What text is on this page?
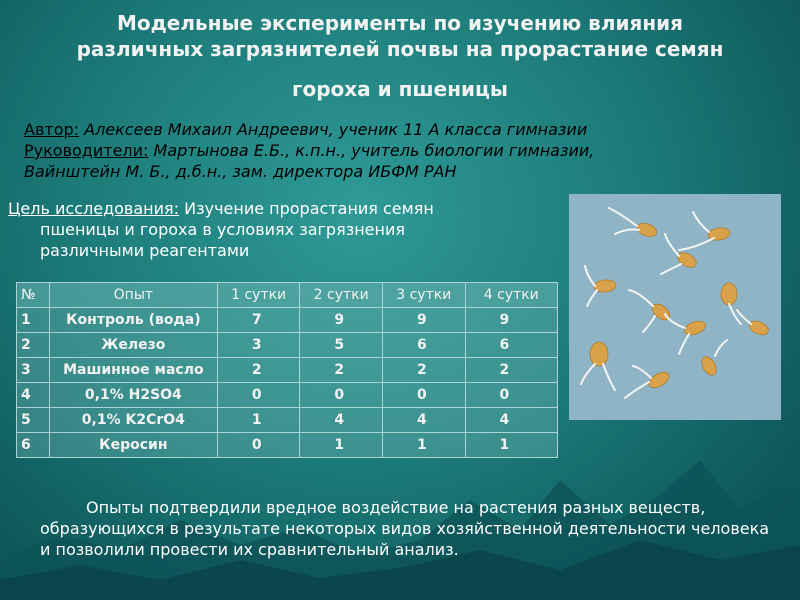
Модельные эксперименты по изучению влияния
различных загрязнителей почвы на прорастание семян
гороха и пшеницы
Автор: Алексеев Михаил Андреевич, ученик 11 А класса гимназии
Руководители: Мартынова Е.Б., к.п.н., учитель биологии гимназии,
Вайнштейн М. Б., д.б.н., зам. директора ИБФМ РАН
Цель исследования: Изучение прорастания семян
пшеницы и гороха в условиях загрязнения
различными реагентами
№	Опыт	1 сутки	2 сутки	3 сутки	4 сутки
1	Контроль (вода)	7	9	9	9
2	Железо	3	5	6	6
3	Машинное масло	2	2	2	2
4	0,1% H2SO4	0	0	0	0
5	0,1% K2CrO4	1	4	4	4
6	Керосин	0	1	1	1
Опыты подтвердили вредное воздействие на растения разных веществ, образующихся в результате некоторых видов хозяйственной деятельности человека и позволили провести их сравнительный анализ.
